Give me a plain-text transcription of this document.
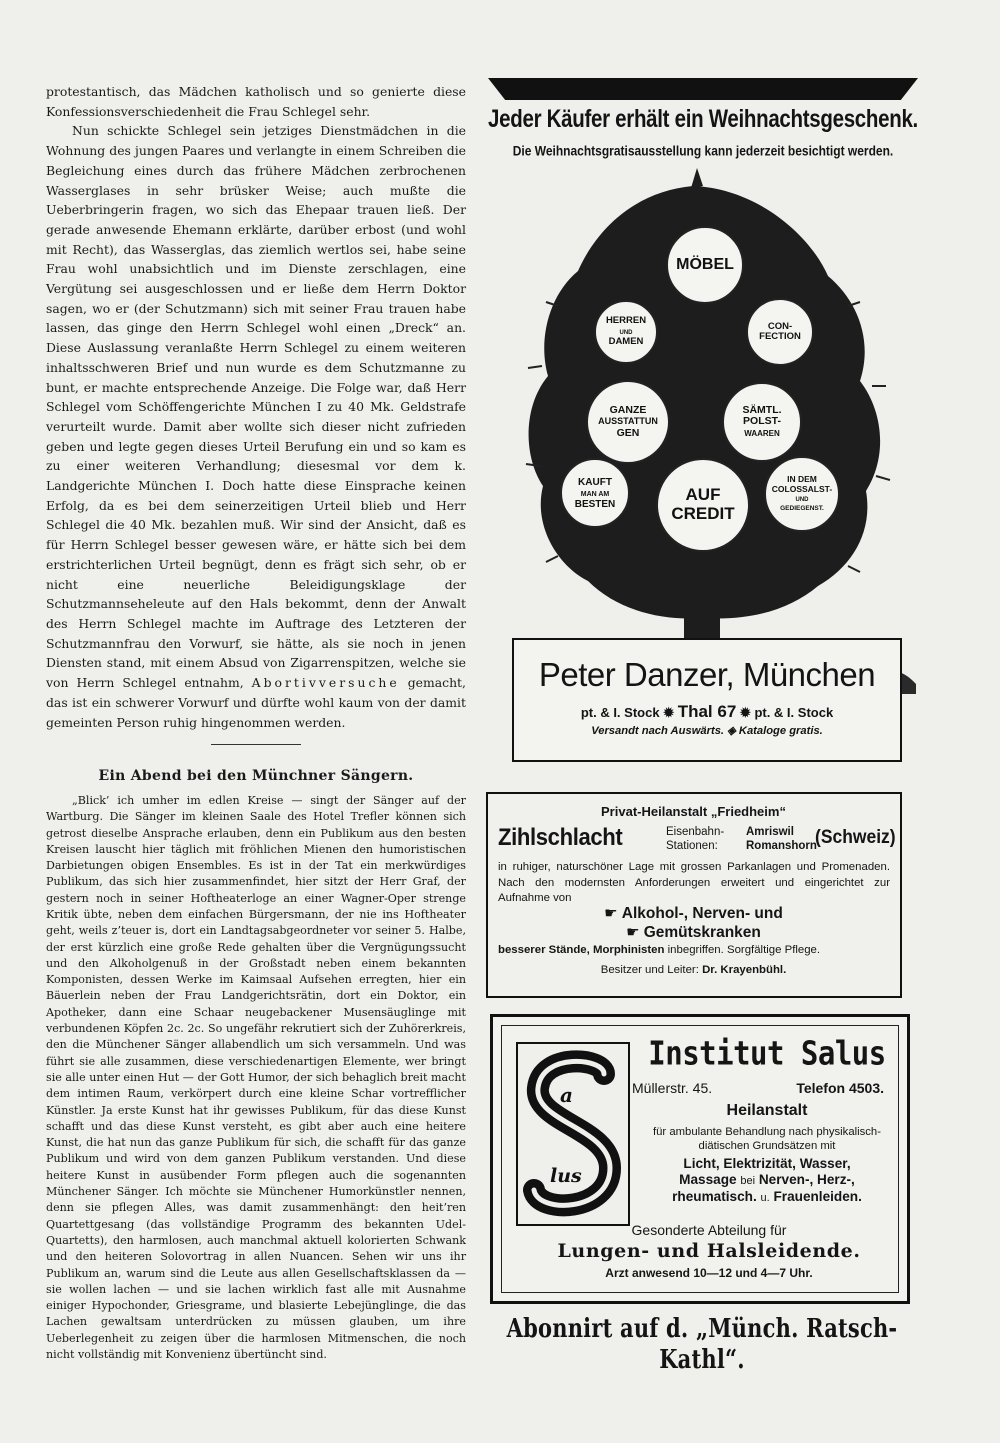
protestantisch, das Mädchen katholisch und so genierte diese Konfessionsverschiedenheit die Frau Schlegel sehr.

Nun schickte Schlegel sein jetziges Dienstmädchen in die Wohnung des jungen Paares und verlangte in einem Schreiben die Begleichung eines durch das frühere Mädchen zerbrochenen Wasserglases in sehr brüsker Weise; auch mußte die Ueberbringerin fragen, wo sich das Ehepaar trauen ließ. Der gerade anwesende Ehemann erklärte, darüber erbost (und wohl mit Recht), das Wasserglas, das ziemlich wertlos sei, habe seine Frau wohl unabsichtlich und im Dienste zerschlagen, eine Vergütung sei ausgeschlossen und er ließe dem Herrn Doktor sagen, wo er (der Schutzmann) sich mit seiner Frau trauen habe lassen, das ginge den Herrn Schlegel wohl einen „Dreck“ an. Diese Auslassung veranlaßte Herrn Schlegel zu einem weiteren inhaltsschweren Brief und nun wurde es dem Schutzmanne zu bunt, er machte entsprechende Anzeige. Die Folge war, daß Herr Schlegel vom Schöffengerichte München I zu 40 Mk. Geldstrafe verurteilt wurde. Damit aber wollte sich dieser nicht zufrieden geben und legte gegen dieses Urteil Berufung ein und so kam es zu einer weiteren Verhandlung; diesesmal vor dem k. Landgerichte München I. Doch hatte diese Einsprache keinen Erfolg, da es bei dem seinerzeitigen Urteil blieb und Herr Schlegel die 40 Mk. bezahlen muß. Wir sind der Ansicht, daß es für Herrn Schlegel besser gewesen wäre, er hätte sich bei dem erstrichterlichen Urteil begnügt, denn es frägt sich sehr, ob er nicht eine neuerliche Beleidigungsklage der Schutzmannseheleute auf den Hals bekommt, denn der Anwalt des Herrn Schlegel machte im Auftrage des Letzteren der Schutzmannfrau den Vorwurf, sie hätte, als sie noch in jenen Diensten stand, mit einem Absud von Zigarrenspitzen, welche sie von Herrn Schlegel entnahm, Abortivversuche gemacht, das ist ein schwerer Vorwurf und dürfte wohl kaum von der damit gemeinten Person ruhig hingenommen werden.

Ein Abend bei den Münchner Sängern.

„Blick’ ich umher im edlen Kreise — singt der Sänger auf der Wartburg. Die Sänger im kleinen Saale des Hotel Trefler können sich getrost dieselbe Ansprache erlauben, denn ein Publikum aus den besten Kreisen lauscht hier täglich mit fröhlichen Mienen den humoristischen Darbietungen obigen Ensembles. Es ist in der Tat ein merkwürdiges Publikum, das sich hier zusammenfindet, hier sitzt der Herr Graf, der gestern noch in seiner Hoftheaterloge an einer Wagner-Oper strenge Kritik übte, neben dem einfachen Bürgersmann, der nie ins Hoftheater geht, weils z’teuer is, dort ein Landtagsabgeordneter vor seiner 5. Halbe, der erst kürzlich eine große Rede gehalten über die Vergnügungssucht und den Alkoholgenuß in der Großstadt neben einem bekannten Komponisten, dessen Werke im Kaimsaal Aufsehen erregten, hier ein Bäuerlein neben der Frau Landgerichtsrätin, dort ein Doktor, ein Apotheker, dann eine Schaar neugebackener Musensäuglinge mit verbundenen Köpfen 2c. 2c. So ungefähr rekrutiert sich der Zuhörerkreis, den die Münchener Sänger allabendlich um sich versammeln. Und was führt sie alle zusammen, diese verschiedenartigen Elemente, wer bringt sie alle unter einen Hut — der Gott Humor, der sich behaglich breit macht dem intimen Raum, verkörpert durch eine kleine Schar vortrefflicher Künstler. Ja erste Kunst hat ihr gewisses Publikum, für das diese Kunst schafft und das diese Kunst versteht, es gibt aber auch eine heitere Kunst, die hat nun das ganze Publikum für sich, die schafft für das ganze Publikum und wird von dem ganzen Publikum verstanden. Und diese heitere Kunst in ausübender Form pflegen auch die sogenannten Münchener Sänger. Ich möchte sie Münchener Humorkünstler nennen, denn sie pflegen Alles, was damit zusammenhängt: den heit’ren Quartettgesang (das vollständige Programm des bekannten Udel-Quartetts), den harmlosen, auch manchmal aktuell kolorierten Schwank und den heiteren Solovortrag in allen Nuancen. Sehen wir uns ihr Publikum an, warum sind die Leute aus allen Gesellschaftsklassen da — sie wollen lachen — und sie lachen wirklich fast alle mit Ausnahme einiger Hypochonder, Griesgrame, und blasierte Lebejünglinge, die das Lachen gewaltsam unterdrücken zu müssen glauben, um ihre Ueberlegenheit zu zeigen über die harmlosen Mitmenschen, die noch nicht vollständig mit Konvenienz übertüncht sind.

Jeder Käufer erhält ein Weihnachtsgeschenk.
Die Weihnachtsgratisausstellung kann jederzeit besichtigt werden.
MÖBEL
HERREN
UND
DAMEN
CON-
FECTION
GANZE
AUSSTATTUN
GEN
SÄMTL.
POLST-
WAAREN
KAUFT
MAN AM
BESTEN	AUF
CREDIT
IN DEM
COLOSSALST-
UND
GEDIEGENST.
Peter Danzer, München
pt. & I. Stock ✹ Thal 67 ✹ pt. & I. Stock
Versandt nach Auswärts. ◈ Kataloge gratis.
Privat-Heilanstalt „Friedheim“
Zihlschlacht	Eisenbahn-
Stationen:
Amriswil
Romanshorn
(Schweiz)
in ruhiger, naturschöner Lage mit grossen Parkanlagen und Promenaden. Nach den modernsten Anforderungen erweitert und eingerichtet zur Aufnahme von
☛ Alkohol-, Nerven- und
☛ Gemütskranken
besserer Stände, Morphinisten inbegriffen. Sorgfältige Pflege.
Besitzer und Leiter: Dr. Krayenbühl.
a
lus
Institut Salus
Müllerstr. 45.	Telefon 4503.
Heilanstalt
für ambulante Behandlung nach physikalisch-diätischen Grundsätzen mit
Licht, Elektrizität, Wasser,
Massage bei Nerven-, Herz-,
rheumatisch. u. Frauenleiden.
Gesonderte Abteilung für
Lungen- und Halsleidende.
Arzt anwesend 10—12 und 4—7 Uhr.
Abonnirt auf d. „Münch. Ratsch-Kathl“.
